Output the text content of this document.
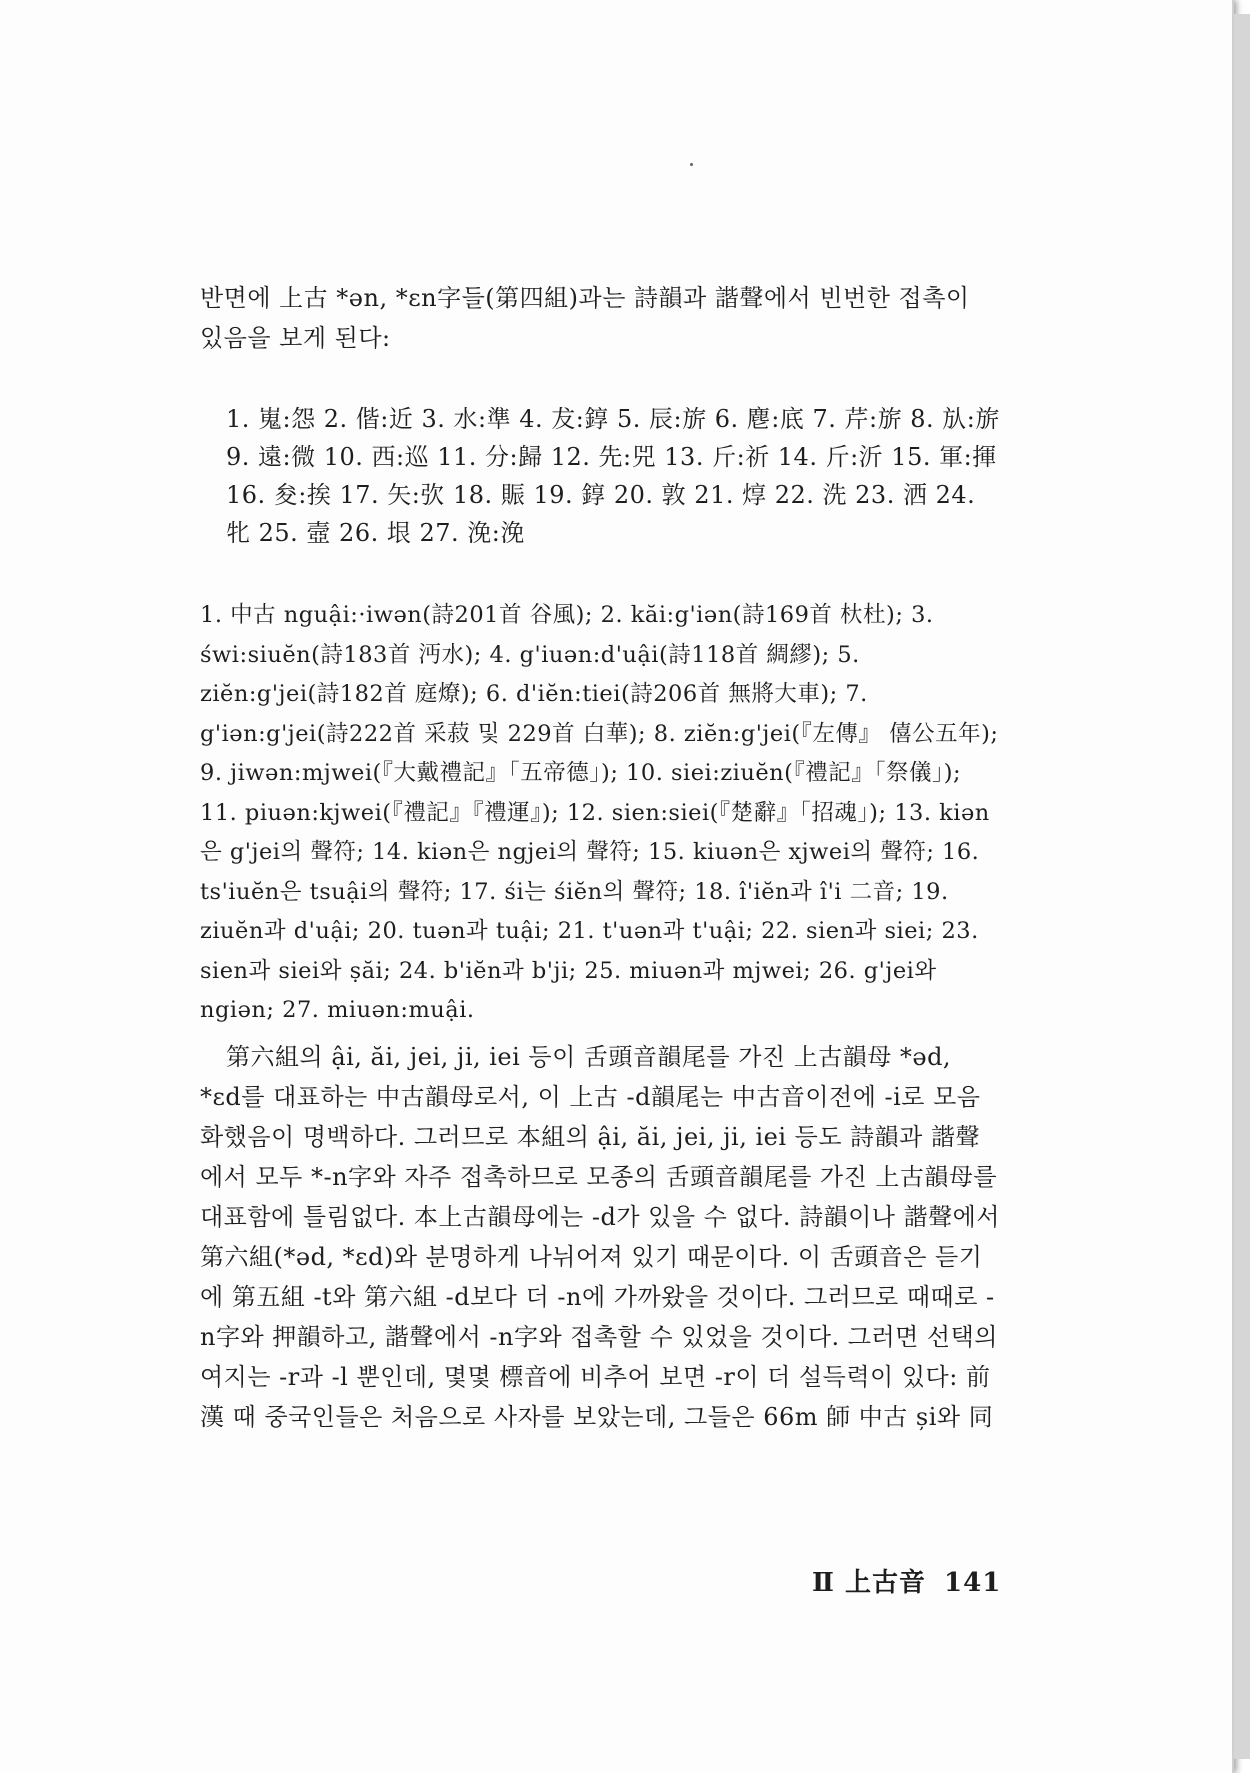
반면에 上古 *ən, *ɛn字들(第四組)과는 詩韻과 諧聲에서 빈번한 접촉이 있음을 보게 된다:

1. 嵬:怨 2. 偕:近 3. 水:準 4. 犮:錞 5. 辰:旂 6. 麀:底 7. 芹:旂 8. 㫃:旂 9. 遠:微 10. 西:巡 11. 分:歸 12. 先:兕 13. 斤:祈 14. 斤:沂 15. 軍:揮 16. 夋:挨 17. 矢:弞 18. 賑 19. 錞 20. 敦 21. 焞 22. 洗 23. 洒 24. 牝 25. 壼 26. 垠 27. 浼:浼

1. 中古 nguậi:·iwən(詩201首 谷風); 2. kăi:g'iən(詩169首 杕杜); 3. świ:siuĕn(詩183首 沔水); 4. g'iuən:d'uậi(詩118首 綢繆); 5. ziĕn:g'jei(詩182首 庭燎); 6. d'iĕn:tiei(詩206首 無將大車); 7. g'iən:g'jei(詩222首 采菽 및 229首 白華); 8. ziĕn:g'jei(『左傳』 僖公五年); 9. jiwən:mjwei(『大戴禮記』「五帝德」); 10. siei:ziuĕn(『禮記』「祭儀」); 11. piuən:kjwei(『禮記』『禮運』); 12. sien:siei(『楚辭』「招魂」); 13. kiən은 g'jei의 聲符; 14. kiən은 ngjei의 聲符; 15. kiuən은 xjwei의 聲符; 16. ts'iuĕn은 tsuậi의 聲符; 17. śi는 śiĕn의 聲符; 18. î'iĕn과 î'i 二音; 19. ziuĕn과 d'uậi; 20. tuən과 tuậi; 21. t'uən과 t'uậi; 22. sien과 siei; 23. sien과 siei와 ṣăi; 24. b'iĕn과 b'ji; 25. miuən과 mjwei; 26. g'jei와 ngiən; 27. miuən:muậi.

第六組의 ậi, ăi, jei, ji, iei 등이 舌頭音韻尾를 가진 上古韻母 *əd, *ɛd를 대표하는 中古韻母로서, 이 上古 -d韻尾는 中古音이전에 -i로 모음화했음이 명백하다. 그러므로 本組의 ậi, ăi, jei, ji, iei 등도 詩韻과 諧聲에서 모두 *-n字와 자주 접촉하므로 모종의 舌頭音韻尾를 가진 上古韻母를 대표함에 틀림없다. 本上古韻母에는 -d가 있을 수 없다. 詩韻이나 諧聲에서 第六組(*əd, *ɛd)와 분명하게 나뉘어져 있기 때문이다. 이 舌頭音은 듣기에 第五組 -t와 第六組 -d보다 더 -n에 가까왔을 것이다. 그러므로 때때로 -n字와 押韻하고, 諧聲에서 -n字와 접촉할 수 있었을 것이다. 그러면 선택의 여지는 -r과 -l 뿐인데, 몇몇 標音에 비추어 보면 -r이 더 설득력이 있다: 前漢 때 중국인들은 처음으로 사자를 보았는데, 그들은 66m 師 中古 și와 同

Ⅱ 上古音 141
